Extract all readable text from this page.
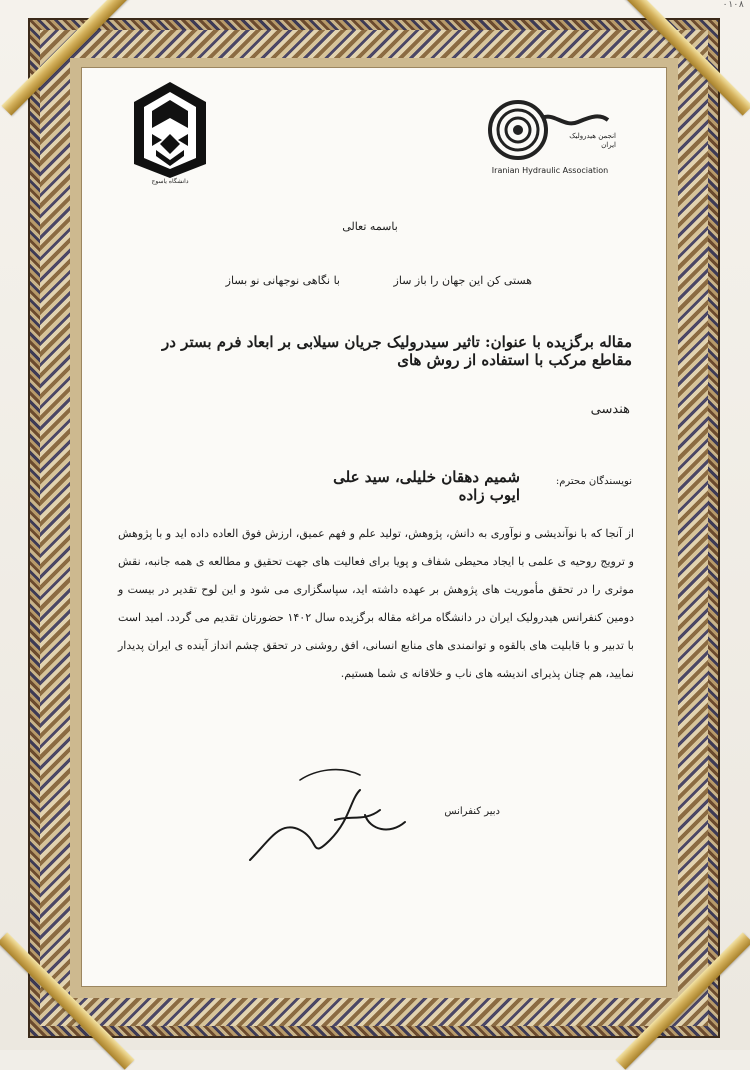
۰۱۰۸
دانشگاه یاسوج
انجمن هیدرولیک ایران
Iranian Hydraulic Association
باسمه تعالی
هستی کن این جهان را باز ساز
با نگاهی نوجهانی نو بساز
مقاله برگزیده با عنوان: تاثیر سیدرولیک جریان سیلابی بر ابعاد فرم بستر در مقاطع مرکب با استفاده از روش های
هندسی
نویسندگان محترم:
شمیم دهقان خلیلی، سید علی ایوب زاده
از آنجا که با نوآندیشی و نوآوری به دانش، پژوهش، تولید علم و فهم عمیق، ارزش فوق العاده داده اید و با پژوهش و ترویج روحیه ی علمی با ایجاد محیطی شفاف و پویا برای فعالیت های جهت تحقیق و مطالعه ی همه جانبه، نقش موثری را در تحقق مأموریت های پژوهش بر عهده داشته اید، سپاسگزاری می شود و این لوح تقدیر در بیست و دومین کنفرانس هیدرولیک ایران در دانشگاه مراغه مقاله برگزیده سال ۱۴۰۲ حضورتان تقدیم می گردد. امید است با تدبیر و با قابلیت های بالقوه و توانمندی های منابع انسانی، افق روشنی در تحقق چشم انداز آینده ی ایران پدیدار نمایید، هم چنان پذیرای اندیشه های ناب و خلاقانه ی شما هستیم.
دبیر کنفرانس
